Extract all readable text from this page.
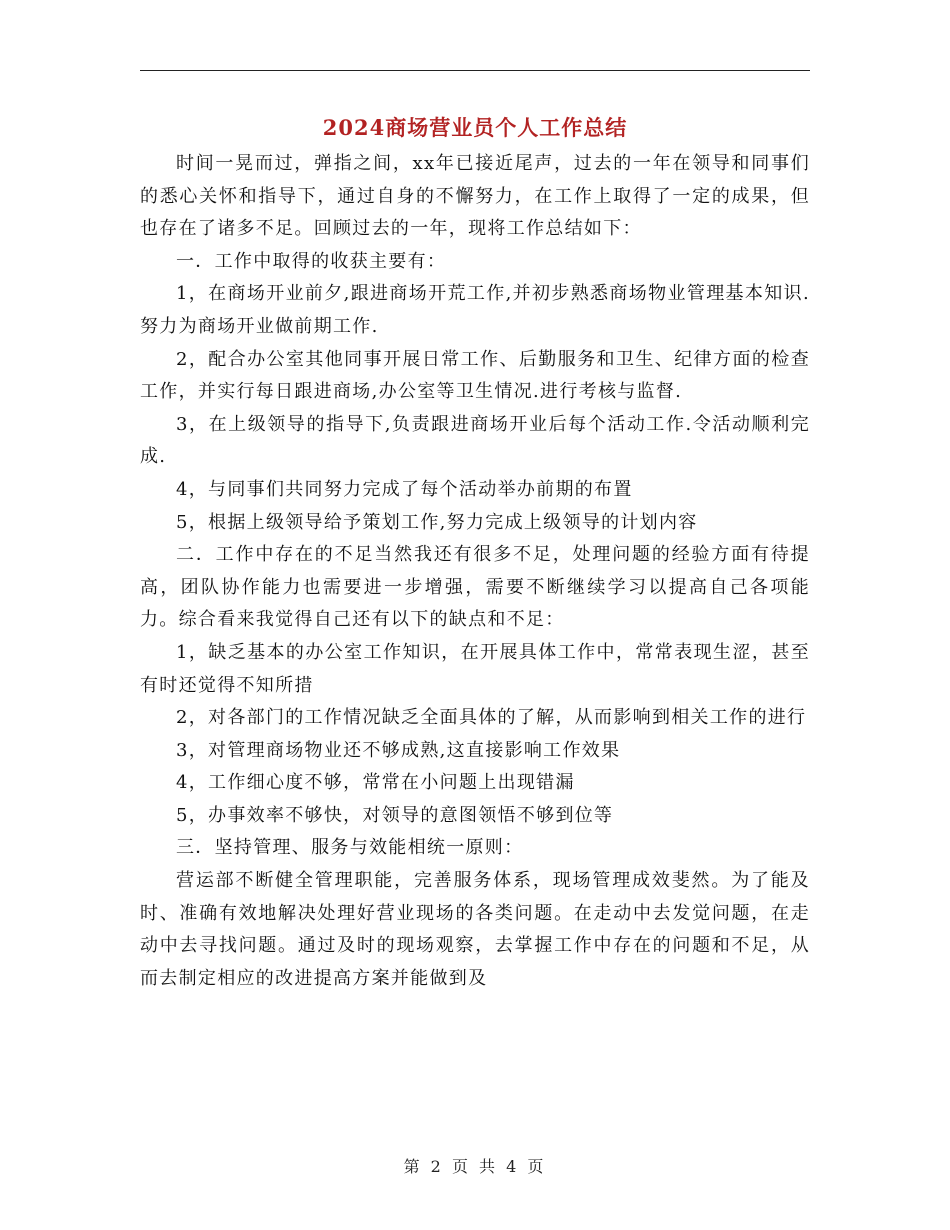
2024商场营业员个人工作总结

时间一晃而过，弹指之间，xx年已接近尾声，过去的一年在领导和同事们的悉心关怀和指导下，通过自身的不懈努力，在工作上取得了一定的成果，但也存在了诸多不足。回顾过去的一年，现将工作总结如下：

一．工作中取得的收获主要有：

1，在商场开业前夕,跟进商场开荒工作,并初步熟悉商场物业管理基本知识.努力为商场开业做前期工作.

2，配合办公室其他同事开展日常工作、后勤服务和卫生、纪律方面的检查工作，并实行每日跟进商场,办公室等卫生情况.进行考核与监督.

3，在上级领导的指导下,负责跟进商场开业后每个活动工作.令活动顺利完成.

4，与同事们共同努力完成了每个活动举办前期的布置

5，根据上级领导给予策划工作,努力完成上级领导的计划内容

二．工作中存在的不足当然我还有很多不足，处理问题的经验方面有待提高，团队协作能力也需要进一步增强，需要不断继续学习以提高自己各项能力。综合看来我觉得自己还有以下的缺点和不足：

1，缺乏基本的办公室工作知识，在开展具体工作中，常常表现生涩，甚至有时还觉得不知所措

2，对各部门的工作情况缺乏全面具体的了解，从而影响到相关工作的进行

3，对管理商场物业还不够成熟,这直接影响工作效果

4，工作细心度不够，常常在小问题上出现错漏

5，办事效率不够快，对领导的意图领悟不够到位等

三．坚持管理、服务与效能相统一原则：

营运部不断健全管理职能，完善服务体系，现场管理成效斐然。为了能及时、准确有效地解决处理好营业现场的各类问题。在走动中去发觉问题，在走动中去寻找问题。通过及时的现场观察，去掌握工作中存在的问题和不足，从而去制定相应的改进提高方案并能做到及

第 2 页 共 4 页
